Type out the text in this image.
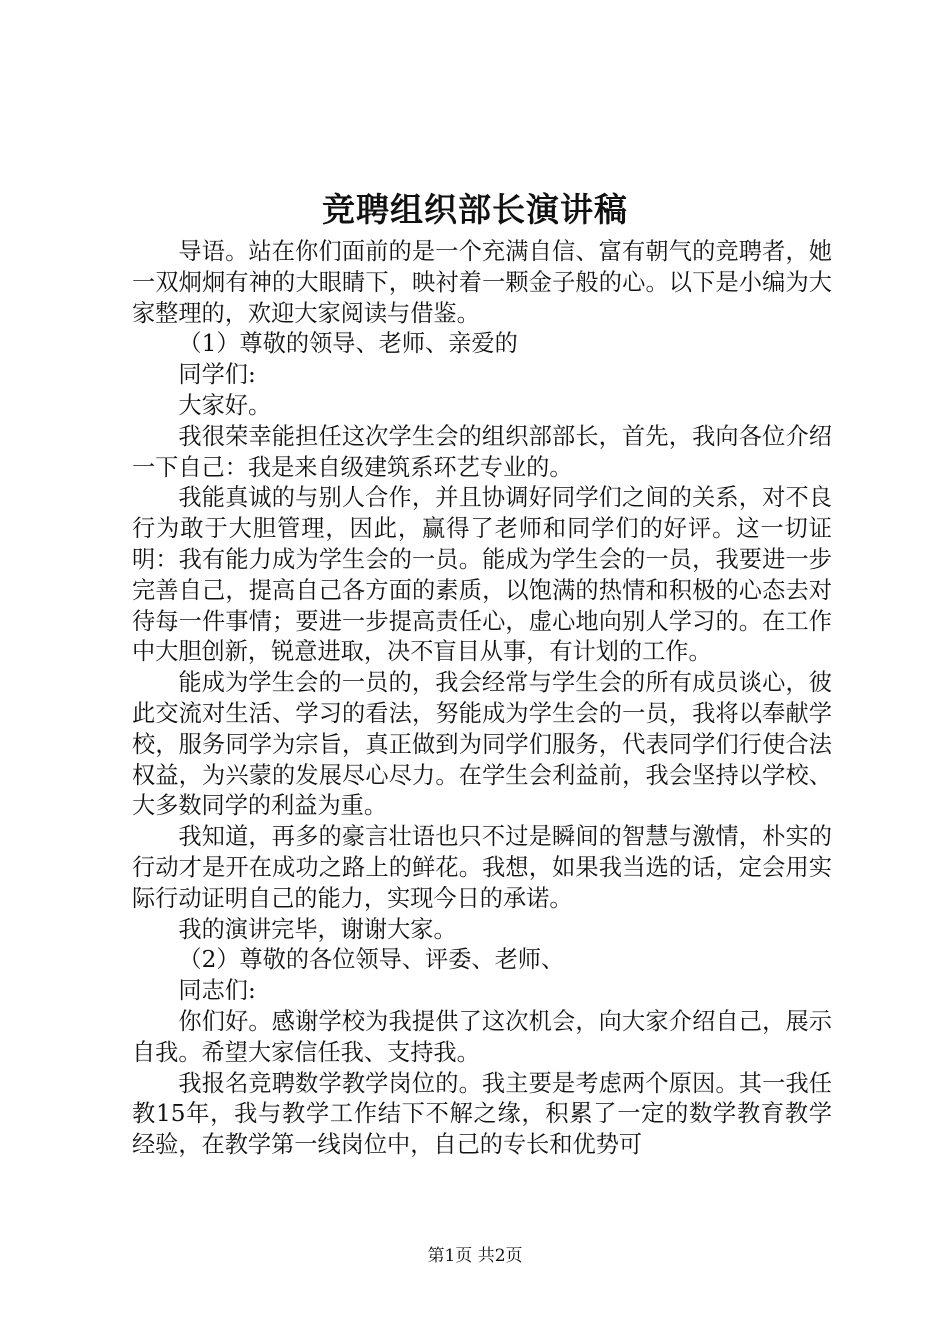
竞聘组织部长演讲稿

导语。站在你们面前的是一个充满自信、富有朝气的竞聘者，她一双炯炯有神的大眼睛下，映衬着一颗金子般的心。以下是小编为大家整理的，欢迎大家阅读与借鉴。

（1）尊敬的领导、老师、亲爱的

同学们:

大家好。

我很荣幸能担任这次学生会的组织部部长，首先，我向各位介绍一下自己：我是来自级建筑系环艺专业的。

我能真诚的与别人合作，并且协调好同学们之间的关系，对不良行为敢于大胆管理，因此，赢得了老师和同学们的好评。这一切证明：我有能力成为学生会的一员。能成为学生会的一员，我要进一步完善自己，提高自己各方面的素质，以饱满的热情和积极的心态去对待每一件事情；要进一步提高责任心，虚心地向别人学习的。在工作中大胆创新，锐意进取，决不盲目从事，有计划的工作。

能成为学生会的一员的，我会经常与学生会的所有成员谈心，彼此交流对生活、学习的看法，努能成为学生会的一员，我将以奉献学校，服务同学为宗旨，真正做到为同学们服务，代表同学们行使合法权益，为兴蒙的发展尽心尽力。在学生会利益前，我会坚持以学校、大多数同学的利益为重。

我知道，再多的豪言壮语也只不过是瞬间的智慧与激情，朴实的行动才是开在成功之路上的鲜花。我想，如果我当选的话，定会用实际行动证明自己的能力，实现今日的承诺。

我的演讲完毕，谢谢大家。

（2）尊敬的各位领导、评委、老师、

同志们:

你们好。感谢学校为我提供了这次机会，向大家介绍自己，展示自我。希望大家信任我、支持我。

我报名竞聘数学教学岗位的。我主要是考虑两个原因。其一我任教15年，我与教学工作结下不解之缘，积累了一定的数学教育教学经验，在教学第一线岗位中，自己的专长和优势可

第1页 共2页
